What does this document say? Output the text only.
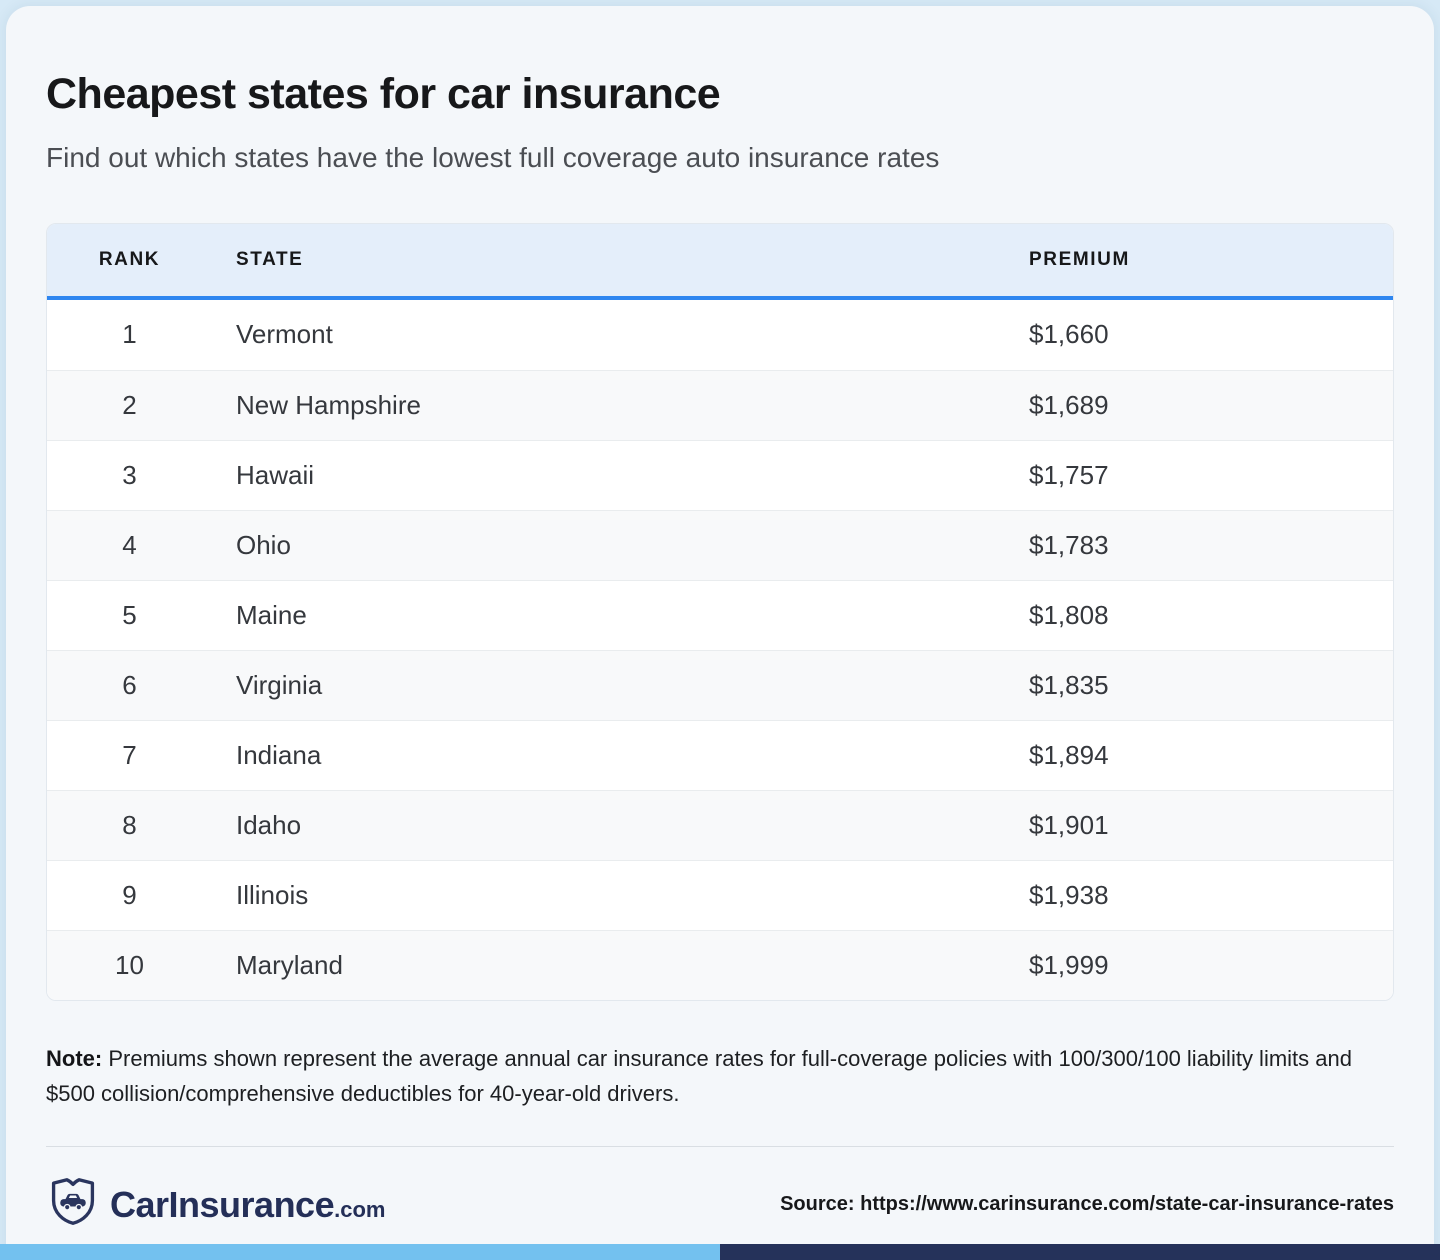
Cheapest states for car insurance

Find out which states have the lowest full coverage auto insurance rates

RANK	STATE	PREMIUM
1	Vermont	$1,660
2	New Hampshire	$1,689
3	Hawaii	$1,757
4	Ohio	$1,783
5	Maine	$1,808
6	Virginia	$1,835
7	Indiana	$1,894
8	Idaho	$1,901
9	Illinois	$1,938
10	Maryland	$1,999

Note: Premiums shown represent the average annual car insurance rates for full-coverage policies with 100/300/100 liability limits and $500 collision/comprehensive deductibles for 40-year-old drivers.

CarInsurance .com	Source: https://www.carinsurance.com/state-car-insurance-rates
